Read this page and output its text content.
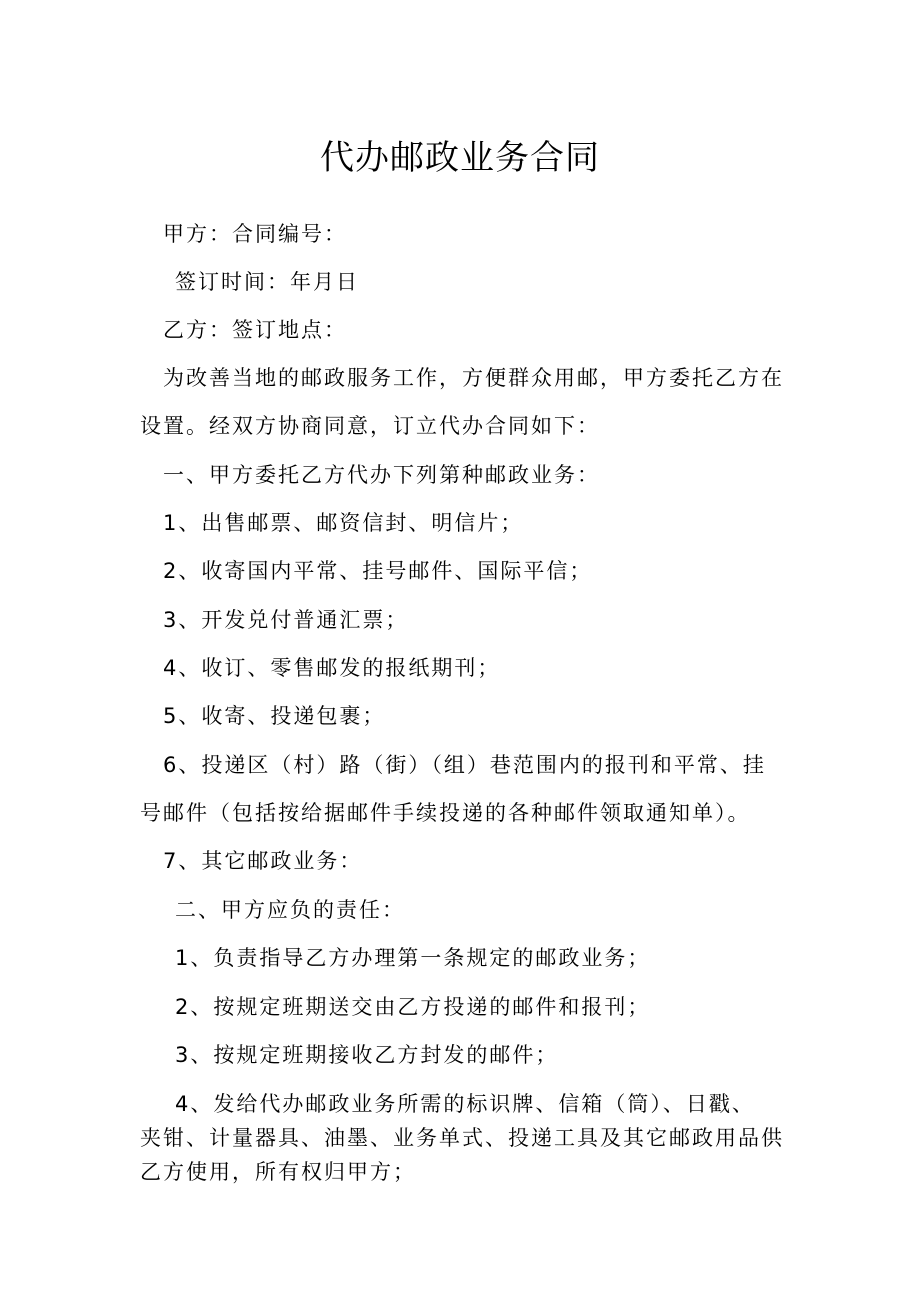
代办邮政业务合同
甲方：合同编号：
签订时间：年月日
乙方：签订地点：
为改善当地的邮政服务工作，方便群众用邮，甲方委托乙方在
设置。经双方协商同意，订立代办合同如下：
一、甲方委托乙方代办下列第种邮政业务：
1、出售邮票、邮资信封、明信片；
2、收寄国内平常、挂号邮件、国际平信；
3、开发兑付普通汇票；
4、收订、零售邮发的报纸期刊；
5、收寄、投递包裹；
6、投递区（村）路（街）（组）巷范围内的报刊和平常、挂
号邮件（包括按给据邮件手续投递的各种邮件领取通知单）。
7、其它邮政业务：
二、甲方应负的责任：
1、负责指导乙方办理第一条规定的邮政业务；
2、按规定班期送交由乙方投递的邮件和报刊；
3、按规定班期接收乙方封发的邮件；
4、发给代办邮政业务所需的标识牌、信箱（筒）、日戳、
夹钳、计量器具、油墨、业务单式、投递工具及其它邮政用品供
乙方使用，所有权归甲方；
